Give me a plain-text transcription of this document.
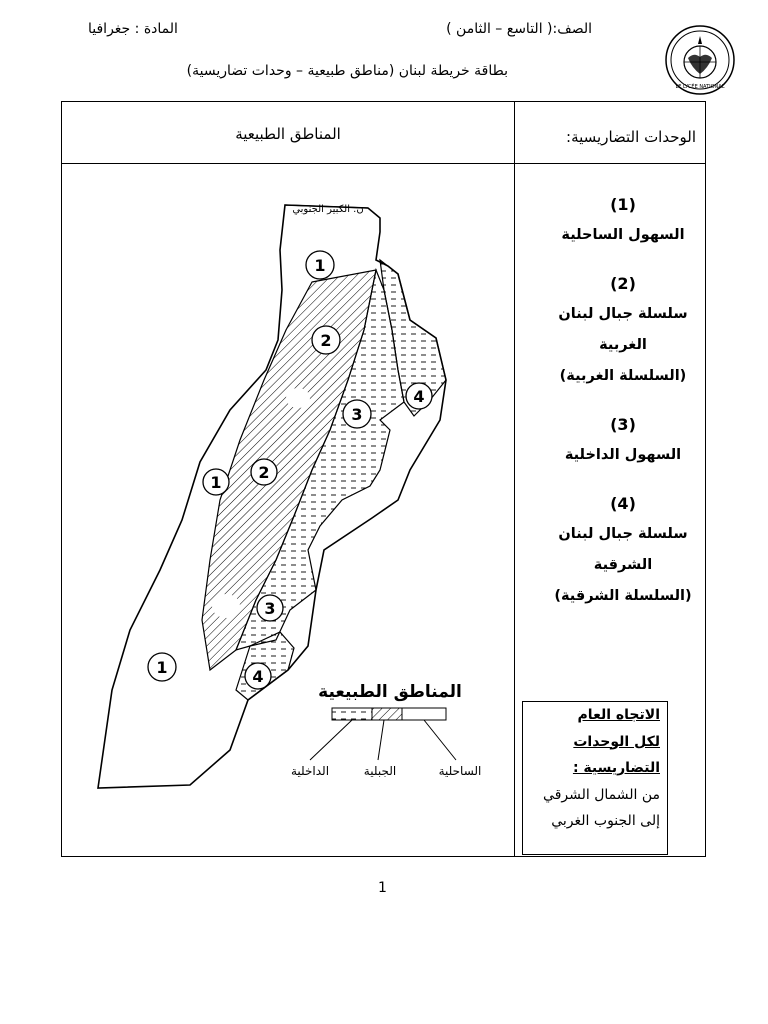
LE LYCÉE NATIONAL
الصف:( التاسع – الثامن )
المادة : جغرافيا
بطاقة خريطة لبنان (مناطق طبيعية – وحدات تضاريسية)
المناطق الطبيعية	الوحدات التضاريسية:
(1)
السهول الساحلية
(2)
سلسلة جبال لبنان
الغربية
(السلسلة الغربية)
(3)
السهول الداخلية
(4)
سلسلة جبال لبنان
الشرقية
(السلسلة الشرقية)
الاتجاه العام
لكل الوحدات
التضاريسية :
من الشمال الشرقي
إلى الجنوب الغربي
ن. الكبير الجنوبي
1
2
4
3
1
2
3
4
1
المناطق الطبيعية
الداخلية	الجبلية	الساحلية
1
